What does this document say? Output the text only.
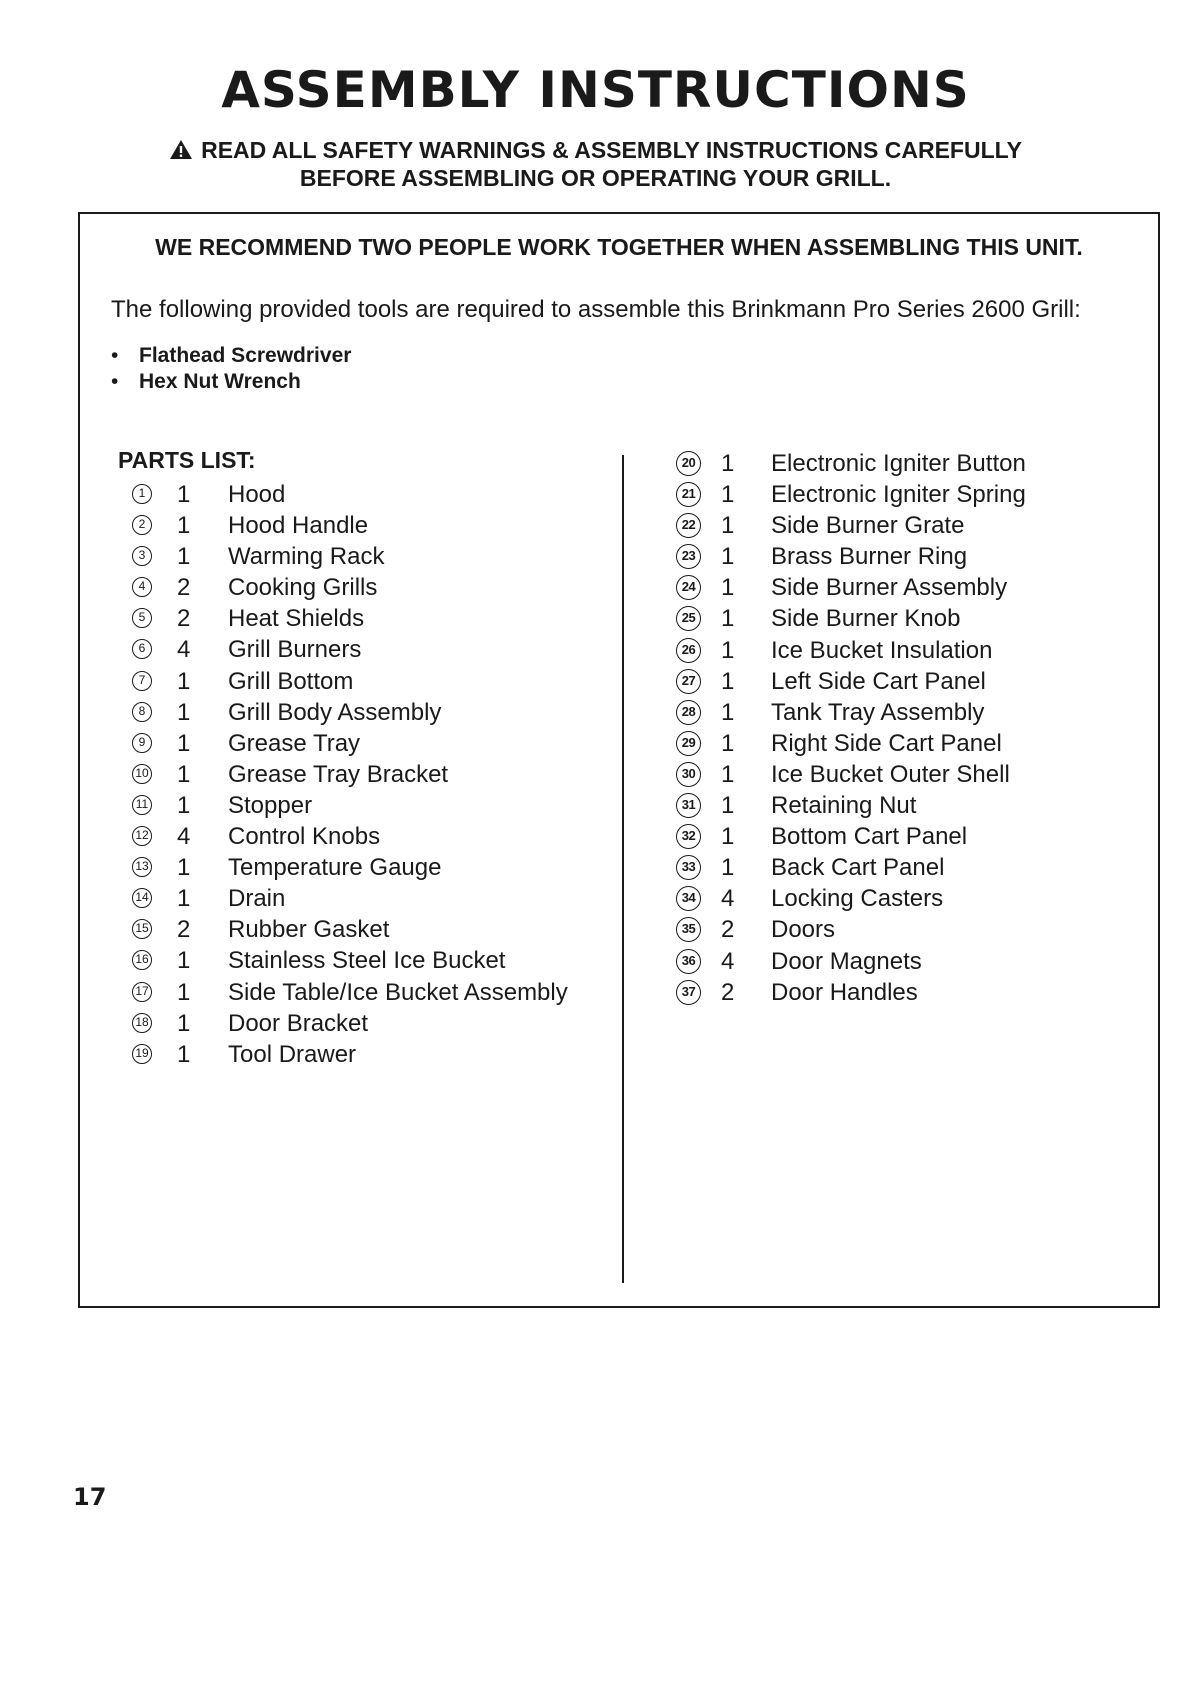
ASSEMBLY INSTRUCTIONS
READ ALL SAFETY WARNINGS & ASSEMBLY INSTRUCTIONS CAREFULLY
BEFORE ASSEMBLING OR OPERATING YOUR GRILL.
WE RECOMMEND TWO PEOPLE WORK TOGETHER WHEN ASSEMBLING THIS UNIT.
The following provided tools are required to assemble this Brinkmann Pro Series 2600 Grill:
• Flathead Screwdriver
• Hex Nut Wrench
PARTS LIST:
1 1 Hood
2 1 Hood Handle
3 1 Warming Rack
4 2 Cooking Grills
5 2 Heat Shields
6 4 Grill Burners
7 1 Grill Bottom
8 1 Grill Body Assembly
9 1 Grease Tray
10 1 Grease Tray Bracket
11 1 Stopper
12 4 Control Knobs
13 1 Temperature Gauge
14 1 Drain
15 2 Rubber Gasket
16 1 Stainless Steel Ice Bucket
17 1 Side Table/Ice Bucket Assembly
18 1 Door Bracket
19 1 Tool Drawer
20 1 Electronic Igniter Button
21 1 Electronic Igniter Spring
22 1 Side Burner Grate
23 1 Brass Burner Ring
24 1 Side Burner Assembly
25 1 Side Burner Knob
26 1 Ice Bucket Insulation
27 1 Left Side Cart Panel
28 1 Tank Tray Assembly
29 1 Right Side Cart Panel
30 1 Ice Bucket Outer Shell
31 1 Retaining Nut
32 1 Bottom Cart Panel
33 1 Back Cart Panel
34 4 Locking Casters
35 2 Doors
36 4 Door Magnets
37 2 Door Handles
17
